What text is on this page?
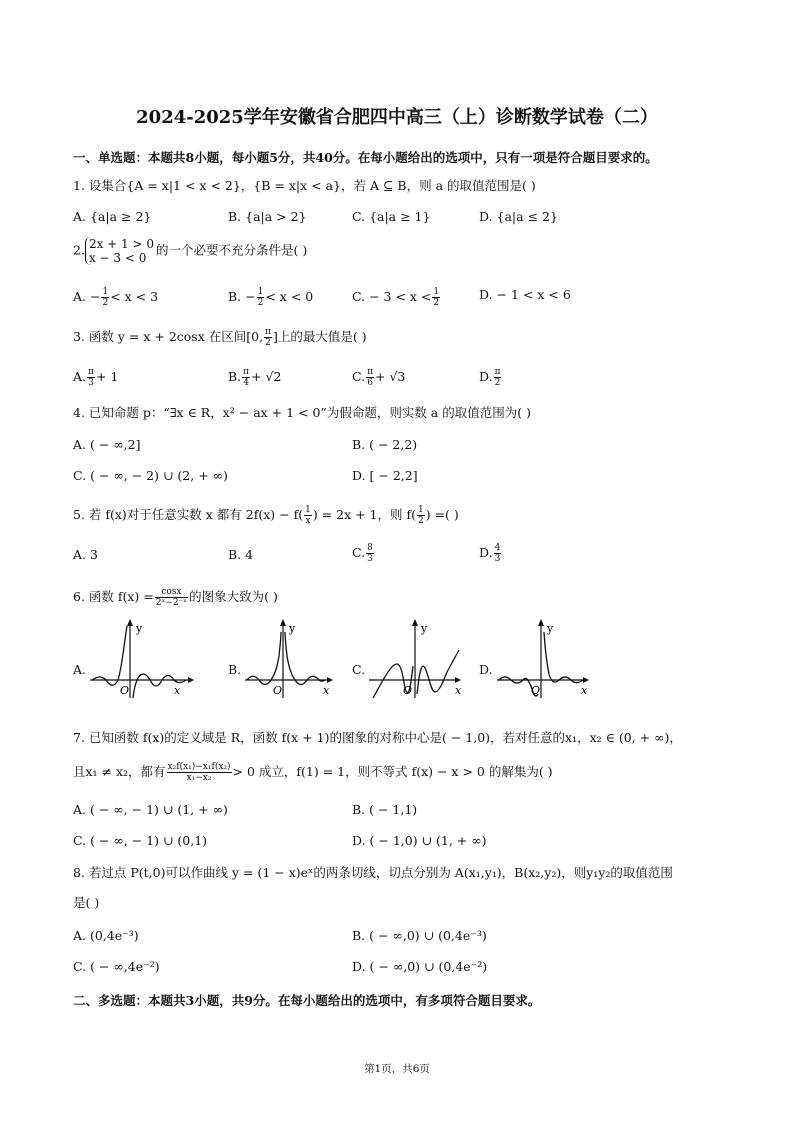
2024-2025学年安徽省合肥四中高三（上）诊断数学试卷（二）
一、单选题：本题共8小题，每小题5分，共40分。在每小题给出的选项中，只有一项是符合题目要求的。
1. 设集合{A = x|1 < x < 2}，{B = x|x < a}，若 A ⊆ B，则 a 的取值范围是( )
A. {a|a ≥ 2}	B. {a|a > 2}	C. {a|a ≥ 1}	D. {a|a ≤ 2}
2. 2x + 1 > 0
x − 3 < 0
的一个必要不充分条件是( )
A. − $\frac{1}{2} < x < 3$	B. − $\frac{1}{2} < x < 0$	C. − $3 < x < \frac{1}{2}$	D. − 1 < x < 6
3. 函数 y = x + 2cosx 在区间[0, $\frac{\pi}{2}$ ]上的最大值是( )
A. $\frac{\pi}{3} + 1$	B. $\frac{\pi}{4} + √2$	C. $\frac{\pi}{6} + √3$	D. $\frac{\pi}{2}$
4. 已知命题 p：“∃x ∈ R，x² − ax + 1 < 0”为假命题，则实数 a 的取值范围为( )
A. ( − ∞,2]	B. ( − 2,2)
C. ( − ∞, − 2) ∪ (2, + ∞)	D. [ − 2,2]
5. 若 f(x)对于任意实数 x 都有 $2f(x) - f( \frac{1}{x}$ ) = 2x + 1，则 $f( \frac{1}{2}$ ) =( )
A. 3	B. 4	C. $\frac{8}{3}$	D. $\frac{4}{3}$
6. 函数 $f(x) = \frac{\cos x}{\text{2ˣ−2⁻ˣ}}$ 的图象大致为( )
A.	B.	C.	D.
O
y
x	O
y
x	O
y
x	O
y
x
7. 已知函数 f(x)的定义域是 R，函数 f(x + 1)的图象的对称中心是( − 1,0)，若对任意的x₁，x₂ ∈ (0, + ∞)，
且x₁ ≠ x₂，都有 $\frac{\text{x₂f(x₁)−x₁f(x₂)}}{\text{x₁−x₂}} > 0$ 成立，f(1) = 1，则不等式 f(x) − x > 0 的解集为( )
A. ( − ∞, − 1) ∪ (1, + ∞)	B. ( − 1,1)
C. ( − ∞, − 1) ∪ (0,1)	D. ( − 1,0) ∪ (1, + ∞)
8. 若过点 P(t,0)可以作曲线 y = (1 − x)eˣ的两条切线，切点分别为 A(x₁,y₁)，B(x₂,y₂)，则y₁y₂的取值范围
是( )
A. (0,4e⁻³)	B. ( − ∞,0) ∪ (0,4e⁻³)
C. ( − ∞,4e⁻²)	D. ( − ∞,0) ∪ (0,4e⁻²)
二、多选题：本题共3小题，共9分。在每小题给出的选项中，有多项符合题目要求。
第1页，共6页
